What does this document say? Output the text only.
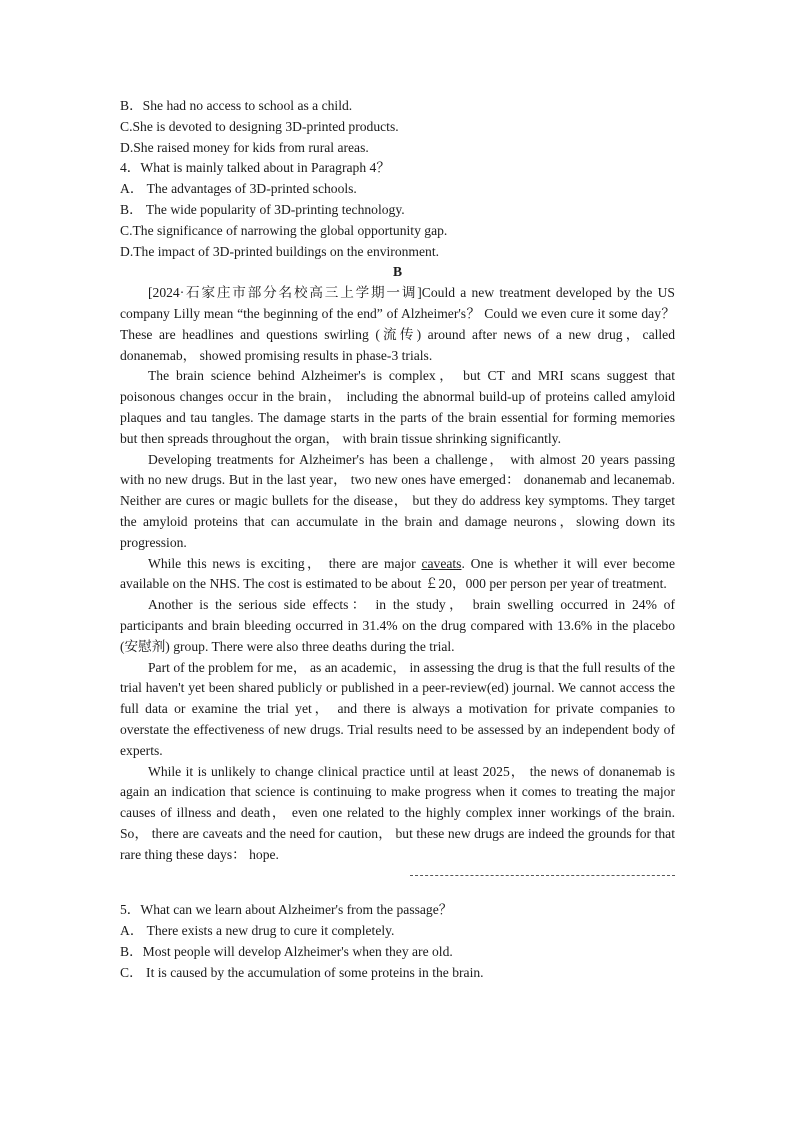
B．She had no access to school as a child.
C.She is devoted to designing 3D-printed products.
D.She raised money for kids from rural areas.
4．What is mainly talked about in Paragraph 4？
A． The advantages of 3D-printed schools.
B． The wide popularity of 3D-printing technology.
C.The significance of narrowing the global opportunity gap.
D.The impact of 3D-printed buildings on the environment.
B
[2024·石家庄市部分名校高三上学期一调]Could a new treatment developed by the US company Lilly mean “the beginning of the end” of Alzheimer's？ Could we even cure it some day？ These are headlines and questions swirling (流传) around after news of a new drug，called donanemab， showed promising results in phase-3 trials.
The brain science behind Alzheimer's is complex， but CT and MRI scans suggest that poisonous changes occur in the brain， including the abnormal build-up of proteins called amyloid plaques and tau tangles. The damage starts in the parts of the brain essential for forming memories but then spreads throughout the organ， with brain tissue shrinking significantly.
Developing treatments for Alzheimer's has been a challenge， with almost 20 years passing with no new drugs. But in the last year， two new ones have emerged： donanemab and lecanemab. Neither are cures or magic bullets for the disease， but they do address key symptoms. They target the amyloid proteins that can accumulate in the brain and damage neurons，slowing down its progression.
While this news is exciting， there are major caveats. One is whether it will ever become available on the NHS. The cost is estimated to be about ￡20，000 per person per year of treatment.
Another is the serious side effects： in the study， brain swelling occurred in 24% of participants and brain bleeding occurred in 31.4% on the drug compared with 13.6% in the placebo (安慰剂) group. There were also three deaths during the trial.
Part of the problem for me， as an academic， in assessing the drug is that the full results of the trial haven't yet been shared publicly or published in a peer-review(ed) journal. We cannot access the full data or examine the trial yet， and there is always a motivation for private companies to overstate the effectiveness of new drugs. Trial results need to be assessed by an independent body of experts.
While it is unlikely to change clinical practice until at least 2025， the news of donanemab is again an indication that science is continuing to make progress when it comes to treating the major causes of illness and death， even one related to the highly complex inner workings of the brain. So， there are caveats and the need for caution， but these new drugs are indeed the grounds for that rare thing these days： hope.
5．What can we learn about Alzheimer's from the passage？
A． There exists a new drug to cure it completely.
B．Most people will develop Alzheimer's when they are old.
C． It is caused by the accumulation of some proteins in the brain.
